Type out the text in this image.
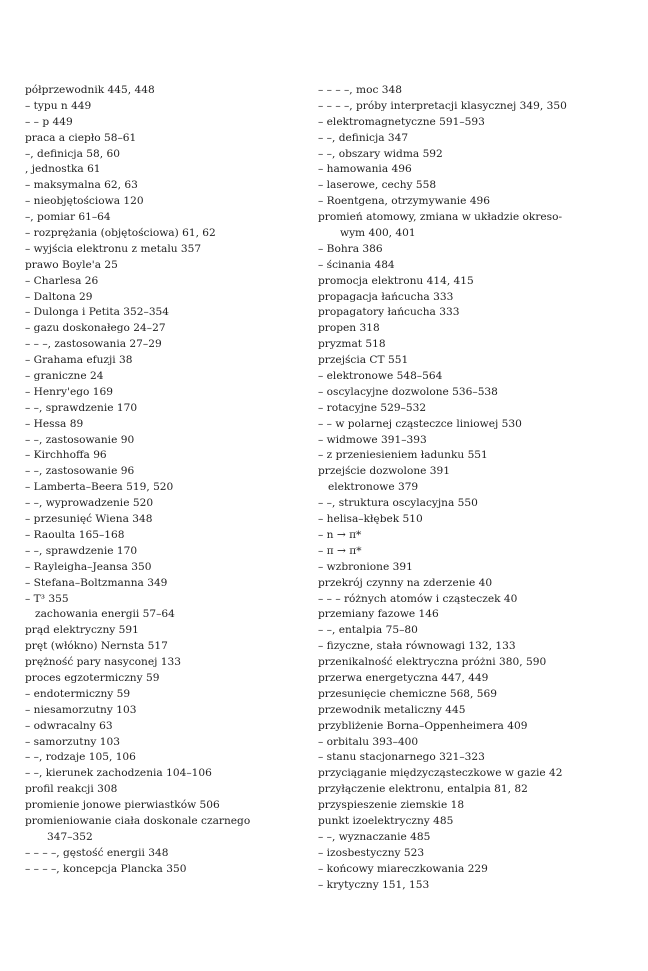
półprzewodnik 445, 448
– typu n 449
– – p 449
praca a ciepło 58–61
–, definicja 58, 60
, jednostka 61
– maksymalna 62, 63
– nieobjętościowa 120
–, pomiar 61–64
– rozprężania (objętościowa) 61, 62
– wyjścia elektronu z metalu 357
prawo Boyle'a 25
– Charlesa 26
– Daltona 29
– Dulonga i Petita 352–354
– gazu doskonałego 24–27
– – –, zastosowania 27–29
– Grahama efuzji 38
– graniczne 24
– Henry'ego 169
– –, sprawdzenie 170
– Hessa 89
– –, zastosowanie 90
– Kirchhoffa 96
– –, zastosowanie 96
– Lamberta–Beera 519, 520
– –, wyprowadzenie 520
– przesunięć Wiena 348
– Raoulta 165–168
– –, sprawdzenie 170
– Rayleigha–Jeansa 350
– Stefana–Boltzmanna 349
– T³ 355
zachowania energii 57–64
prąd elektryczny 591
pręt (włókno) Nernsta 517
prężność pary nasyconej 133
proces egzotermiczny 59
– endotermiczny 59
– niesamorzutny 103
– odwracalny 63
– samorzutny 103
– –, rodzaje 105, 106
– –, kierunek zachodzenia 104–106
profil reakcji 308
promienie jonowe pierwiastków 506
promieniowanie ciała doskonale czarnego
347–352
– – – –, gęstość energii 348
– – – –, koncepcja Plancka 350
– – – –, moc 348
– – – –, próby interpretacji klasycznej 349, 350
– elektromagnetyczne 591–593
– –, definicja 347
– –, obszary widma 592
– hamowania 496
– laserowe, cechy 558
– Roentgena, otrzymywanie 496
promień atomowy, zmiana w układzie okreso-
wym 400, 401
– Bohra 386
– ścinania 484
promocja elektronu 414, 415
propagacja łańcucha 333
propagatory łańcucha 333
propen 318
pryzmat 518
przejścia CT 551
– elektronowe 548–564
– oscylacyjne dozwolone 536–538
– rotacyjne 529–532
– – w polarnej cząsteczce liniowej 530
– widmowe 391–393
– z przeniesieniem ładunku 551
przejście dozwolone 391
elektronowe 379
– –, struktura oscylacyjna 550
– helisa–kłębek 510
– n → π*
– π → π*
– wzbronione 391
przekrój czynny na zderzenie 40
– – – różnych atomów i cząsteczek 40
przemiany fazowe 146
– –, entalpia 75–80
– fizyczne, stała równowagi 132, 133
przenikalność elektryczna próżni 380, 590
przerwa energetyczna 447, 449
przesunięcie chemiczne 568, 569
przewodnik metaliczny 445
przybliżenie Borna–Oppenheimera 409
– orbitalu 393–400
– stanu stacjonarnego 321–323
przyciąganie międzycząsteczkowe w gazie 42
przyłączenie elektronu, entalpia 81, 82
przyspieszenie ziemskie 18
punkt izoelektryczny 485
– –, wyznaczanie 485
– izosbestyczny 523
– końcowy miareczkowania 229
– krytyczny 151, 153
